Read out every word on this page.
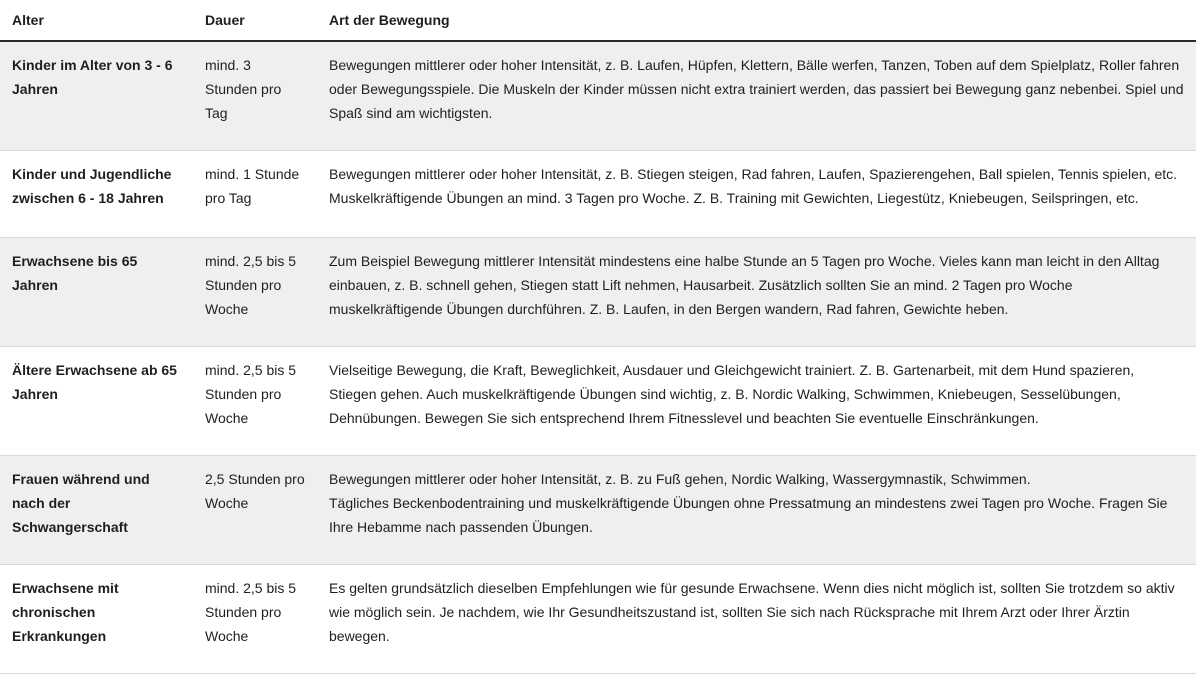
Alter	Dauer	Art der Bewegung
Kinder im Alter von 3 - 6 Jahren	mind. 3 Stunden pro Tag	Bewegungen mittlerer oder hoher Intensität, z. B. Laufen, Hüpfen, Klettern, Bälle werfen, Tanzen, Toben auf dem Spielplatz, Roller fahren oder Bewegungsspiele. Die Muskeln der Kinder müssen nicht extra trainiert werden, das passiert bei Bewegung ganz nebenbei. Spiel und Spaß sind am wichtigsten.

Kinder und Jugendliche zwischen 6 - 18 Jahren	mind. 1 Stunde pro Tag	Bewegungen mittlerer oder hoher Intensität, z. B. Stiegen steigen, Rad fahren, Laufen, Spazierengehen, Ball spielen, Tennis spielen, etc. Muskelkräftigende Übungen an mind. 3 Tagen pro Woche. Z. B. Training mit Gewichten, Liegestütz, Kniebeugen, Seilspringen, etc.

Erwachsene bis 65 Jahren	mind. 2,5 bis 5 Stunden pro Woche	Zum Beispiel Bewegung mittlerer Intensität mindestens eine halbe Stunde an 5 Tagen pro Woche. Vieles kann man leicht in den Alltag einbauen, z. B. schnell gehen, Stiegen statt Lift nehmen, Hausarbeit. Zusätzlich sollten Sie an mind. 2 Tagen pro Woche muskelkräftigende Übungen durchführen. Z. B. Laufen, in den Bergen wandern, Rad fahren, Gewichte heben.

Ältere Erwachsene ab 65 Jahren	mind. 2,5 bis 5 Stunden pro Woche	Vielseitige Bewegung, die Kraft, Beweglichkeit, Ausdauer und Gleichgewicht trainiert. Z. B. Gartenarbeit, mit dem Hund spazieren, Stiegen gehen. Auch muskelkräftigende Übungen sind wichtig, z. B. Nordic Walking, Schwimmen, Kniebeugen, Sesselübungen, Dehnübungen. Bewegen Sie sich entsprechend Ihrem Fitnesslevel und beachten Sie eventuelle Einschränkungen.

Frauen während und nach der Schwangerschaft	2,5 Stunden pro Woche	Bewegungen mittlerer oder hoher Intensität, z. B. zu Fuß gehen, Nordic Walking, Wassergymnastik, Schwimmen.
Tägliches Beckenbodentraining und muskelkräftigende Übungen ohne Pressatmung an mindestens zwei Tagen pro Woche. Fragen Sie Ihre Hebamme nach passenden Übungen.

Erwachsene mit chronischen Erkrankungen	mind. 2,5 bis 5 Stunden pro Woche	Es gelten grundsätzlich dieselben Empfehlungen wie für gesunde Erwachsene. Wenn dies nicht möglich ist, sollten Sie trotzdem so aktiv wie möglich sein. Je nachdem, wie Ihr Gesundheitszustand ist, sollten Sie sich nach Rücksprache mit Ihrem Arzt oder Ihrer Ärztin bewegen.
